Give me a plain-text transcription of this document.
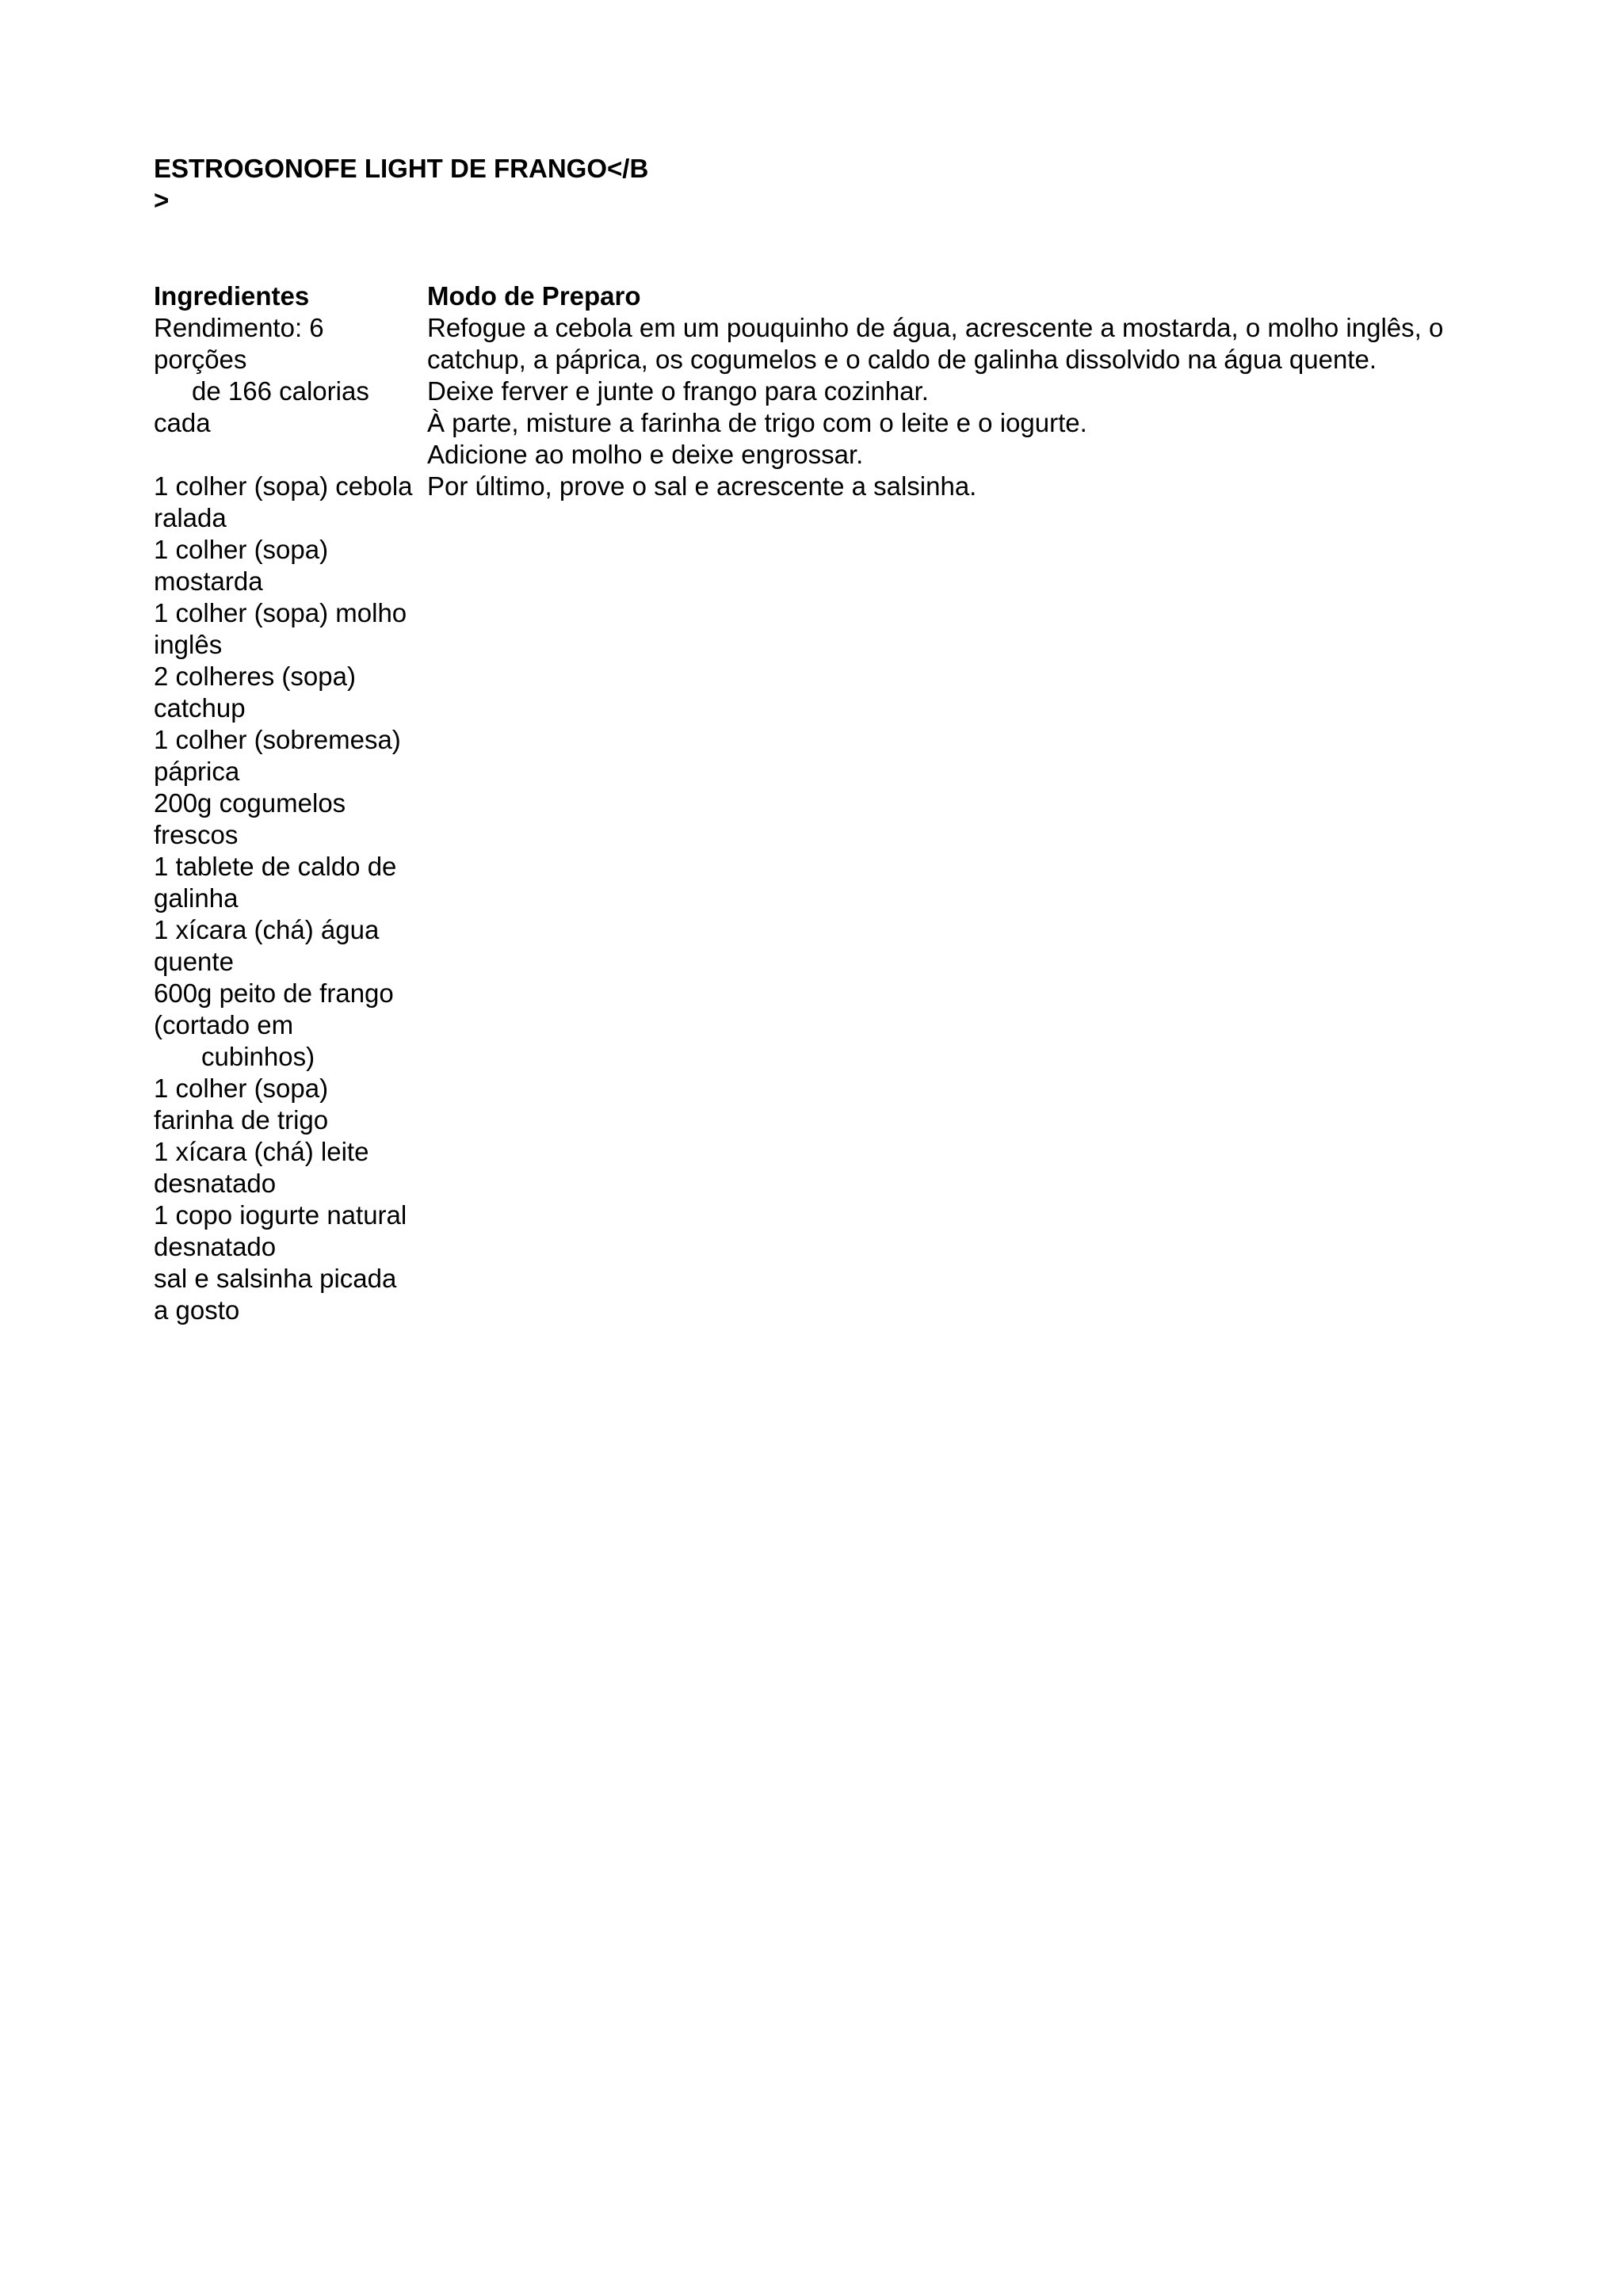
ESTROGONOFE LIGHT DE FRANGO</B
>
Ingredientes
Rendimento: 6
porções
de 166 calorias
cada
1 colher (sopa) cebola
ralada
1 colher (sopa)
mostarda
1 colher (sopa) molho
inglês
2 colheres (sopa)
catchup
1 colher (sobremesa)
páprica
200g cogumelos
frescos
1 tablete de caldo de
galinha
1 xícara (chá) água
quente
600g peito de frango
(cortado em
cubinhos)
1 colher (sopa)
farinha de trigo
1 xícara (chá) leite
desnatado
1 copo iogurte natural
desnatado
sal e salsinha picada
a gosto
Modo de Preparo
Refogue a cebola em um pouquinho de água, acrescente a mostarda, o molho inglês, o
catchup, a páprica, os cogumelos e o caldo de galinha dissolvido na água quente.
Deixe ferver e junte o frango para cozinhar.
À parte, misture a farinha de trigo com o leite e o iogurte.
Adicione ao molho e deixe engrossar.
Por último, prove o sal e acrescente a salsinha.
